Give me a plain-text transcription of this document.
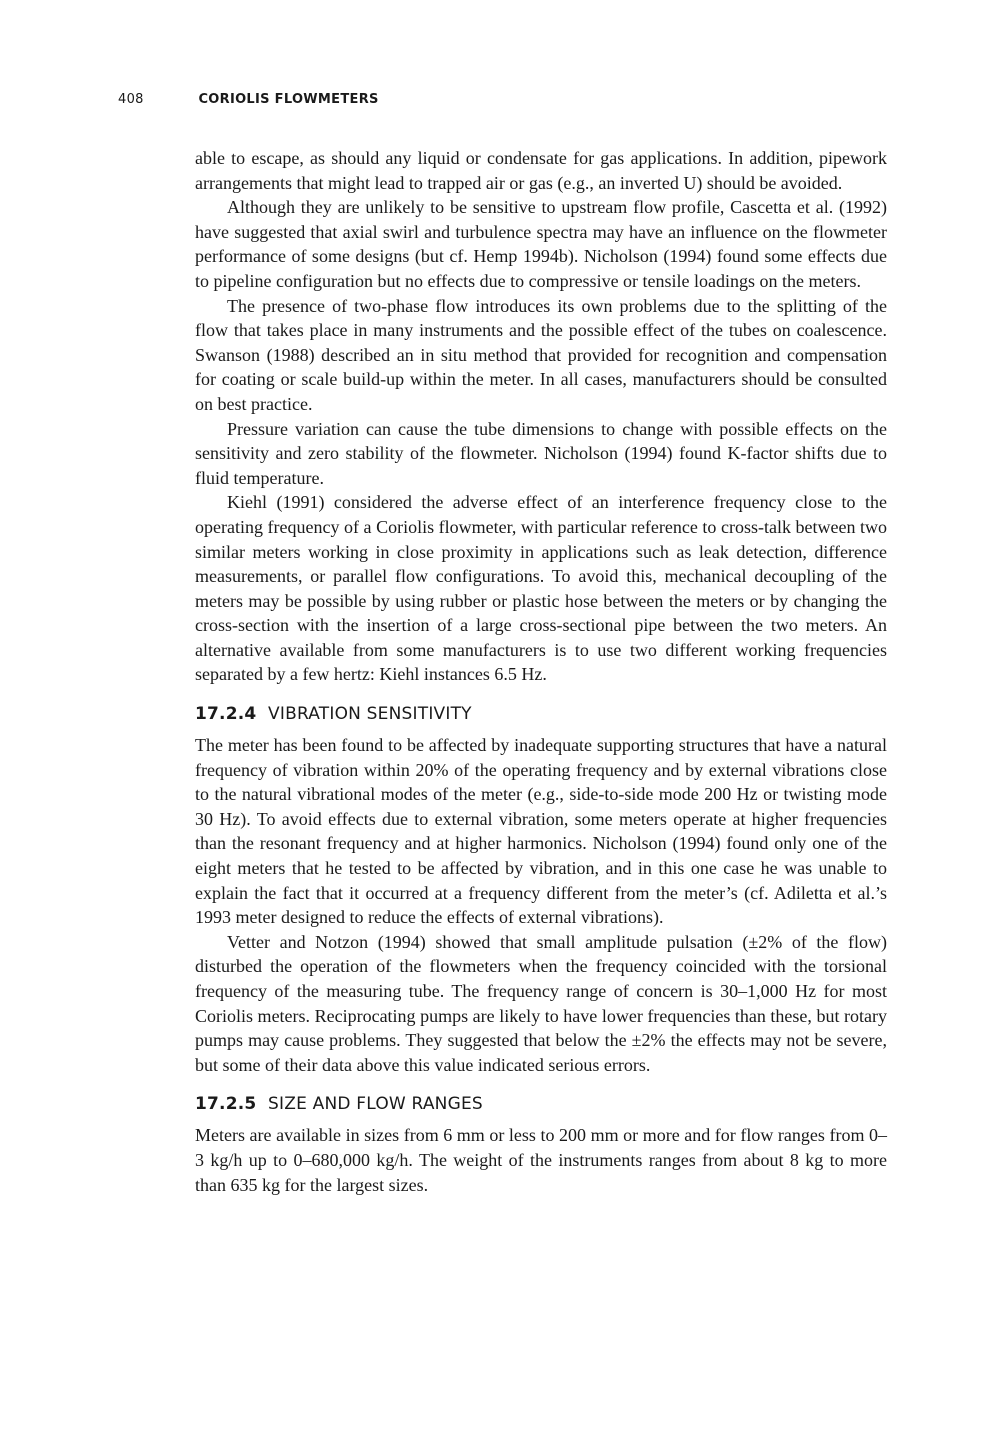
408	CORIOLIS FLOWMETERS

able to escape, as should any liquid or condensate for gas applications. In addition, pipework arrangements that might lead to trapped air or gas (e.g., an inverted U) should be avoided.

Although they are unlikely to be sensitive to upstream flow profile, Cascetta et al. (1992) have suggested that axial swirl and turbulence spectra may have an influence on the flowmeter performance of some designs (but cf. Hemp 1994b). Nicholson (1994) found some effects due to pipeline configuration but no effects due to compressive or tensile loadings on the meters.

The presence of two-phase flow introduces its own problems due to the splitting of the flow that takes place in many instruments and the possible effect of the tubes on coalescence. Swanson (1988) described an in situ method that provided for recognition and compensation for coating or scale build-up within the meter. In all cases, manufacturers should be consulted on best practice.

Pressure variation can cause the tube dimensions to change with possible effects on the sensitivity and zero stability of the flowmeter. Nicholson (1994) found K-factor shifts due to fluid temperature.

Kiehl (1991) considered the adverse effect of an interference frequency close to the operating frequency of a Coriolis flowmeter, with particular reference to cross-talk between two similar meters working in close proximity in applications such as leak detection, difference measurements, or parallel flow configurations. To avoid this, mechanical decoupling of the meters may be possible by using rubber or plastic hose between the meters or by changing the cross-section with the insertion of a large cross-sectional pipe between the two meters. An alternative available from some manufacturers is to use two different working frequencies separated by a few hertz: Kiehl instances 6.5 Hz.

17.2.4 VIBRATION SENSITIVITY

The meter has been found to be affected by inadequate supporting structures that have a natural frequency of vibration within 20% of the operating frequency and by external vibrations close to the natural vibrational modes of the meter (e.g., side-to-side mode 200 Hz or twisting mode 30 Hz). To avoid effects due to external vibration, some meters operate at higher frequencies than the resonant frequency and at higher harmonics. Nicholson (1994) found only one of the eight meters that he tested to be affected by vibration, and in this one case he was unable to explain the fact that it occurred at a frequency different from the meter’s (cf. Adiletta et al.’s 1993 meter designed to reduce the effects of external vibrations).

Vetter and Notzon (1994) showed that small amplitude pulsation (±2% of the flow) disturbed the operation of the flowmeters when the frequency coincided with the torsional frequency of the measuring tube. The frequency range of concern is 30–1,000 Hz for most Coriolis meters. Reciprocating pumps are likely to have lower frequencies than these, but rotary pumps may cause problems. They suggested that below the ±2% the effects may not be severe, but some of their data above this value indicated serious errors.

17.2.5 SIZE AND FLOW RANGES

Meters are available in sizes from 6 mm or less to 200 mm or more and for flow ranges from 0–3 kg/h up to 0–680,000 kg/h. The weight of the instruments ranges from about 8 kg to more than 635 kg for the largest sizes.
